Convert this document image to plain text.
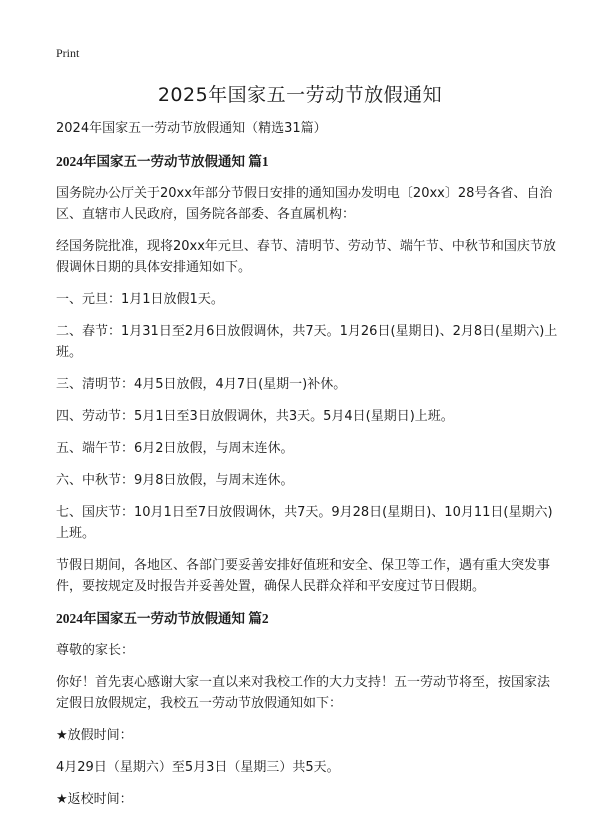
Print
2025年国家五一劳动节放假通知

2024年国家五一劳动节放假通知（精选31篇）

2024年国家五一劳动节放假通知 篇1

国务院办公厅关于20xx年部分节假日安排的通知国办发明电〔20xx〕28号各省、自治区、直辖市人民政府，国务院各部委、各直属机构：

经国务院批准，现将20xx年元旦、春节、清明节、劳动节、端午节、中秋节和国庆节放假调休日期的具体安排通知如下。

一、元旦：1月1日放假1天。

二、春节：1月31日至2月6日放假调休，共7天。1月26日(星期日)、2月8日(星期六)上班。

三、清明节：4月5日放假，4月7日(星期一)补休。

四、劳动节：5月1日至3日放假调休，共3天。5月4日(星期日)上班。

五、端午节：6月2日放假，与周末连休。

六、中秋节：9月8日放假，与周末连休。

七、国庆节：10月1日至7日放假调休，共7天。9月28日(星期日)、10月11日(星期六)上班。

节假日期间，各地区、各部门要妥善安排好值班和安全、保卫等工作，遇有重大突发事件，要按规定及时报告并妥善处置，确保人民群众祥和平安度过节日假期。

2024年国家五一劳动节放假通知 篇2

尊敬的家长：

你好！首先衷心感谢大家一直以来对我校工作的大力支持！五一劳动节将至，按国家法定假日放假规定，我校五一劳动节放假通知如下：

★放假时间：

4月29日（星期六）至5月3日（星期三）共5天。

★返校时间：
